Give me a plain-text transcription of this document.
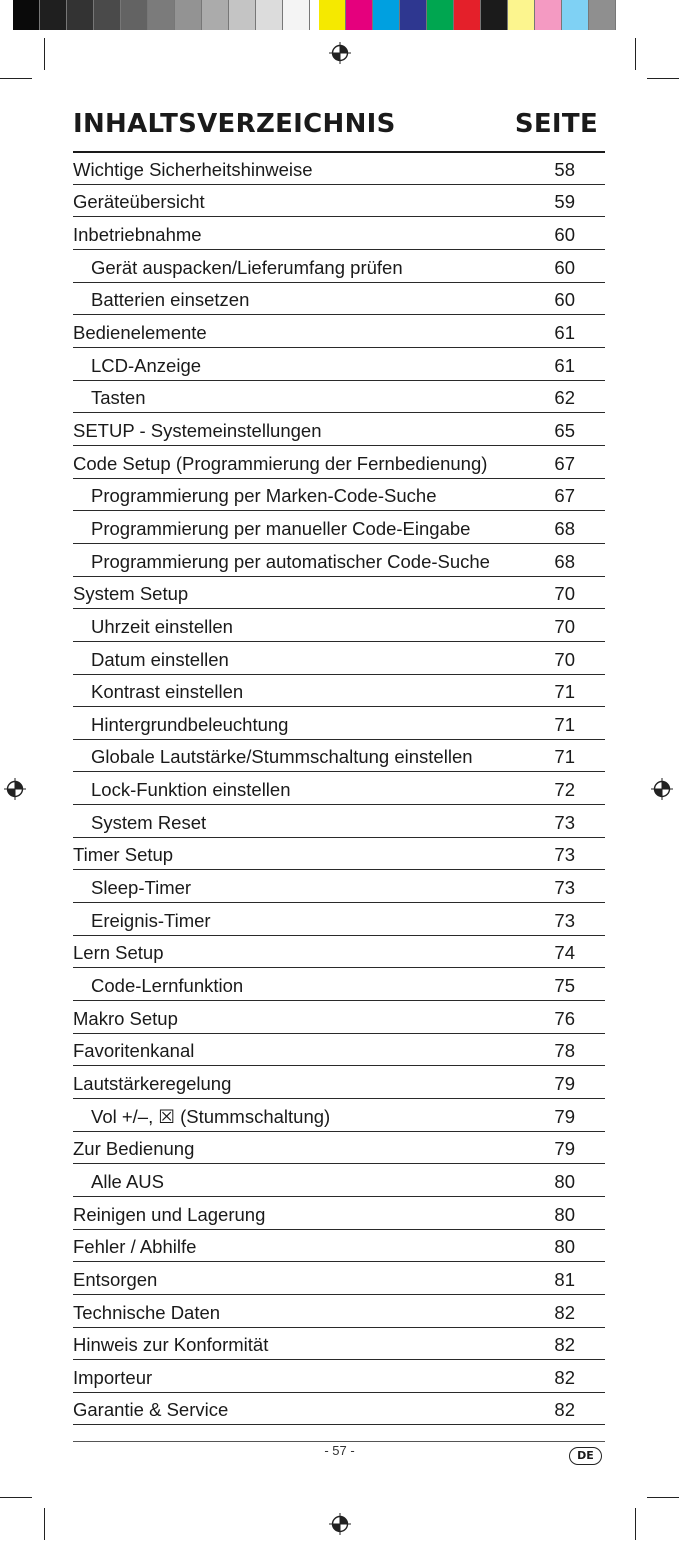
INHALTSVERZEICHNIS	SEITE
Wichtige Sicherheitshinweise	58
Geräteübersicht	59
Inbetriebnahme	60
Gerät auspacken/Lieferumfang prüfen	60
Batterien einsetzen	60
Bedienelemente	61
LCD-Anzeige	61
Tasten	62
SETUP - Systemeinstellungen	65
Code Setup (Programmierung der Fernbedienung)	67
Programmierung per Marken-Code-Suche	67
Programmierung per manueller Code-Eingabe	68
Programmierung per automatischer Code-Suche	68
System Setup	70
Uhrzeit einstellen	70
Datum einstellen	70
Kontrast einstellen	71
Hintergrundbeleuchtung	71
Globale Lautstärke/Stummschaltung einstellen	71
Lock-Funktion einstellen	72
System Reset	73
Timer Setup	73
Sleep-Timer	73
Ereignis-Timer	73
Lern Setup	74
Code-Lernfunktion	75
Makro Setup	76
Favoritenkanal	78
Lautstärkeregelung	79
Vol +/–, ☒ (Stummschaltung)	79
Zur Bedienung	79
Alle AUS	80
Reinigen und Lagerung	80
Fehler / Abhilfe	80
Entsorgen	81
Technische Daten	82
Hinweis zur Konformität	82
Importeur	82
Garantie & Service	82
- 57 -	DE
